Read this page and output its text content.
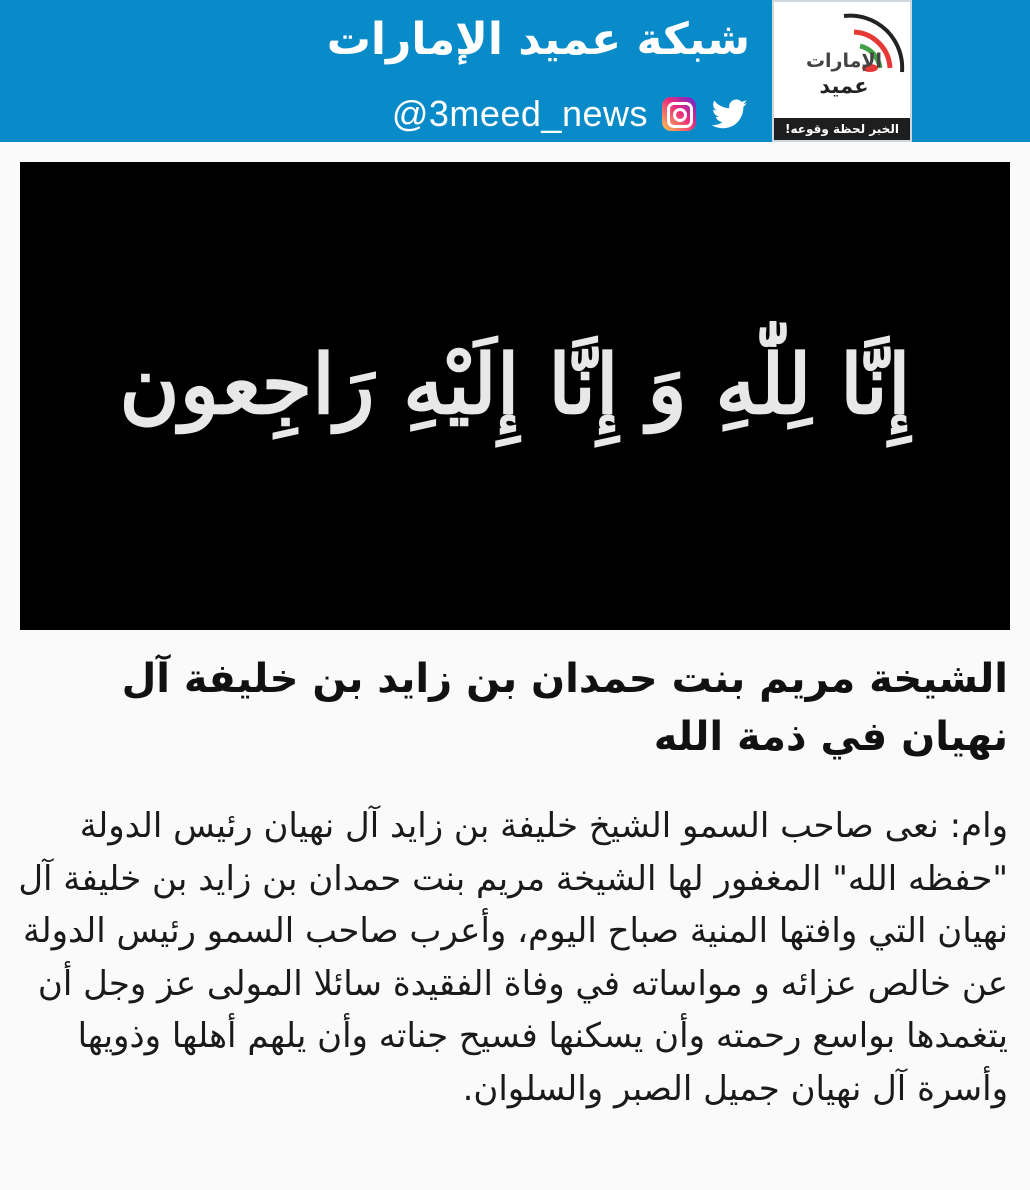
الإمارات
عميد
الخبر لحظة وقوعه!
شبكة عميد الإمارات
@3meed_news
إِنَّا لِلّٰهِ وَ إِنَّا إِلَيْهِ رَاجِعون
الشيخة مريم بنت حمدان بن زايد بن خليفة آل نهيان في ذمة الله

وام: نعى صاحب السمو الشيخ خليفة بن زايد آل نهيان رئيس الدولة "حفظه الله" المغفور لها الشيخة مريم بنت حمدان بن زايد بن خليفة آل نهيان التي وافتها المنية صباح اليوم، وأعرب صاحب السمو رئيس الدولة عن خالص عزائه و مواساته في وفاة الفقيدة سائلا المولى عز وجل أن يتغمدها بواسع رحمته وأن يسكنها فسيح جناته وأن يلهم أهلها وذويها وأسرة آل نهيان جميل الصبر والسلوان.
